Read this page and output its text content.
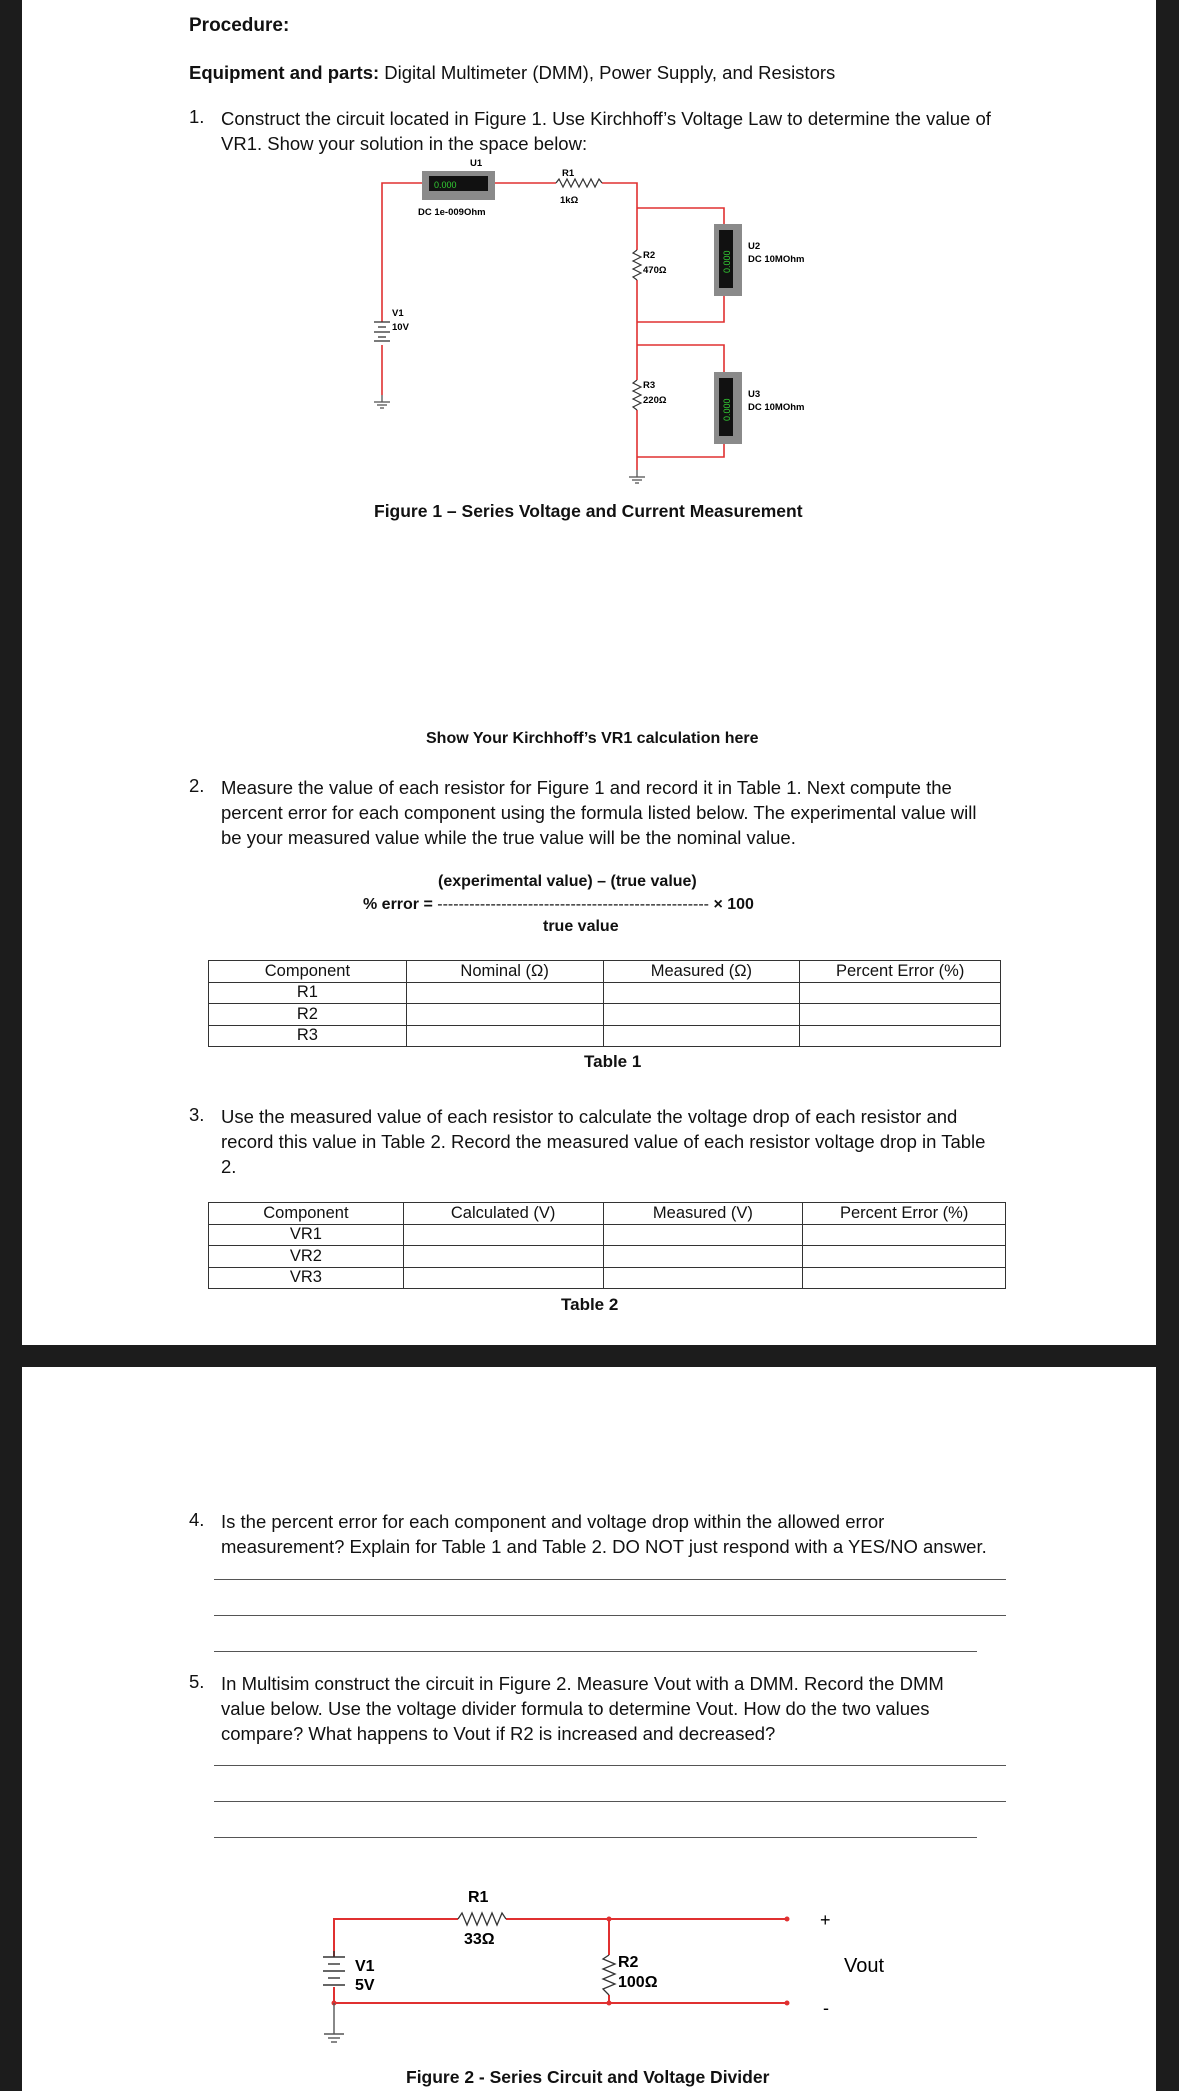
Procedure:
Equipment and parts: Digital Multimeter (DMM), Power Supply, and Resistors
1. Construct the circuit located in Figure 1. Use Kirchhoff’s Voltage Law to determine the value of
VR1. Show your solution in the space below:
V1
10V
U1
0.000
DC 1e-009Ohm
R1
1kΩ
R2
470Ω	0.000
U2
DC 10MOhm
R3
220Ω	0.000
U3
DC 10MOhm
Figure 1 – Series Voltage and Current Measurement
Show Your Kirchhoff’s VR1 calculation here
2. Measure the value of each resistor for Figure 1 and record it in Table 1. Next compute the
percent error for each component using the formula listed below. The experimental value will
be your measured value while the true value will be the nominal value.
(experimental value) – (true value)
% error = --------------------------------------------------- × 100
true value
Component	Nominal (Ω)	Measured (Ω)	Percent Error (%)
R1			
R2			
R3			
Table 1
3. Use the measured value of each resistor to calculate the voltage drop of each resistor and
record this value in Table 2. Record the measured value of each resistor voltage drop in Table
2.
Component	Calculated (V)	Measured (V)	Percent Error (%)
VR1			
VR2			
VR3			
Table 2
4. Is the percent error for each component and voltage drop within the allowed error
measurement? Explain for Table 1 and Table 2. DO NOT just respond with a YES/NO answer.
5. In Multisim construct the circuit in Figure 2. Measure Vout with a DMM. Record the DMM
value below. Use the voltage divider formula to determine Vout. How do the two values
compare? What happens to Vout if R2 is increased and decreased?
R1
33Ω
R2
100Ω
V1
5V
+
-
Vout
Figure 2 - Series Circuit and Voltage Divider
